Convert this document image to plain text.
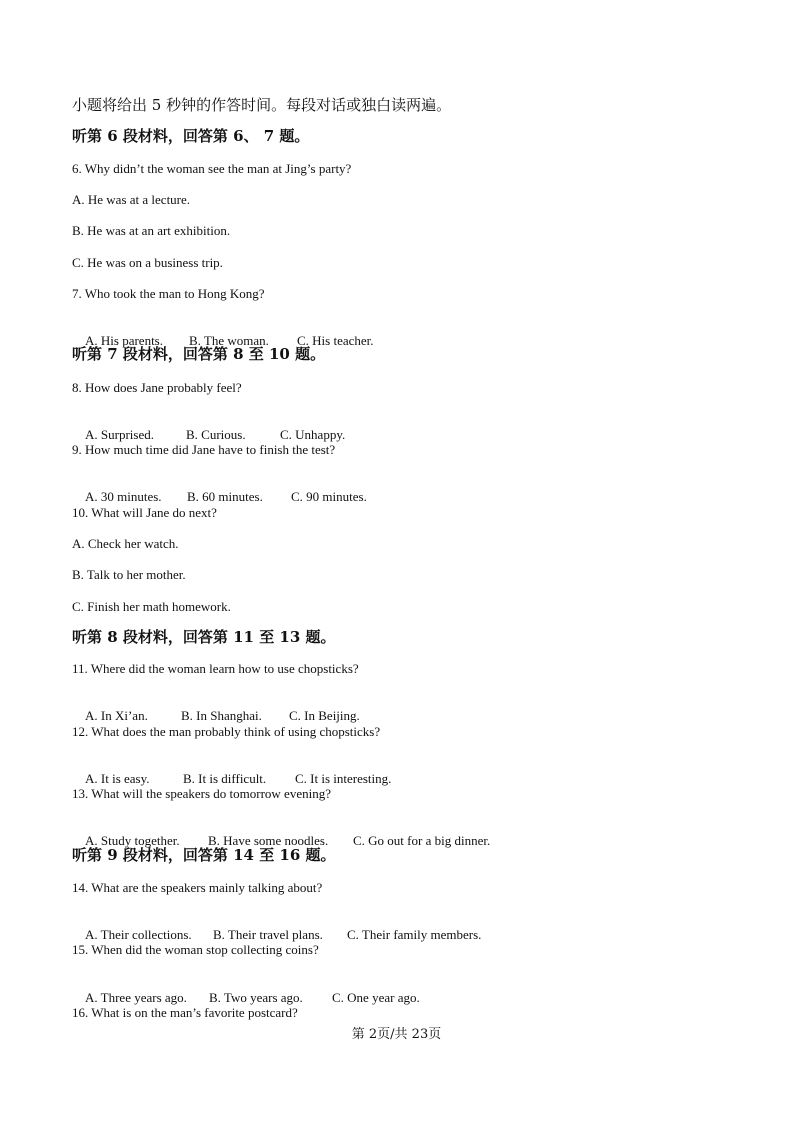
小题将给出 5 秒钟的作答时间。每段对话或独白读两遍。
听第 6 段材料，回答第 6、 7 题。
6. Why didn’t the woman see the man at Jing’s party?
A. He was at a lecture.
B. He was at an art exhibition.
C. He was on a business trip.
7. Who took the man to Hong Kong?

A. His parents. B. The woman. C. His teacher.

听第 7 段材料，回答第 8 至 10 题。
8. How does Jane probably feel?

A. Surprised. B. Curious.	C. Unhappy.

9. How much time did Jane have to finish the test?

A. 30 minutes. B. 60 minutes. C. 90 minutes.

10. What will Jane do next?
A. Check her watch.
B. Talk to her mother.
C. Finish her math homework.
听第 8 段材料，回答第 11 至 13 题。
11. Where did the woman learn how to use chopsticks?

A. In Xi’an.	B. In Shanghai. C. In Beijing.

12. What does the man probably think of using chopsticks?

A. It is easy.	B. It is difficult. C. It is interesting.

13. What will the speakers do tomorrow evening?

A. Study together. B. Have some noodles. C. Go out for a big dinner.

听第 9 段材料，回答第 14 至 16 题。
14. What are the speakers mainly talking about?

A. Their collections. B. Their travel plans. C. Their family members.

15. When did the woman stop collecting coins?

A. Three years ago. B. Two years ago. C. One year ago.

16. What is on the man’s favorite postcard?
第 2页/共 23页
